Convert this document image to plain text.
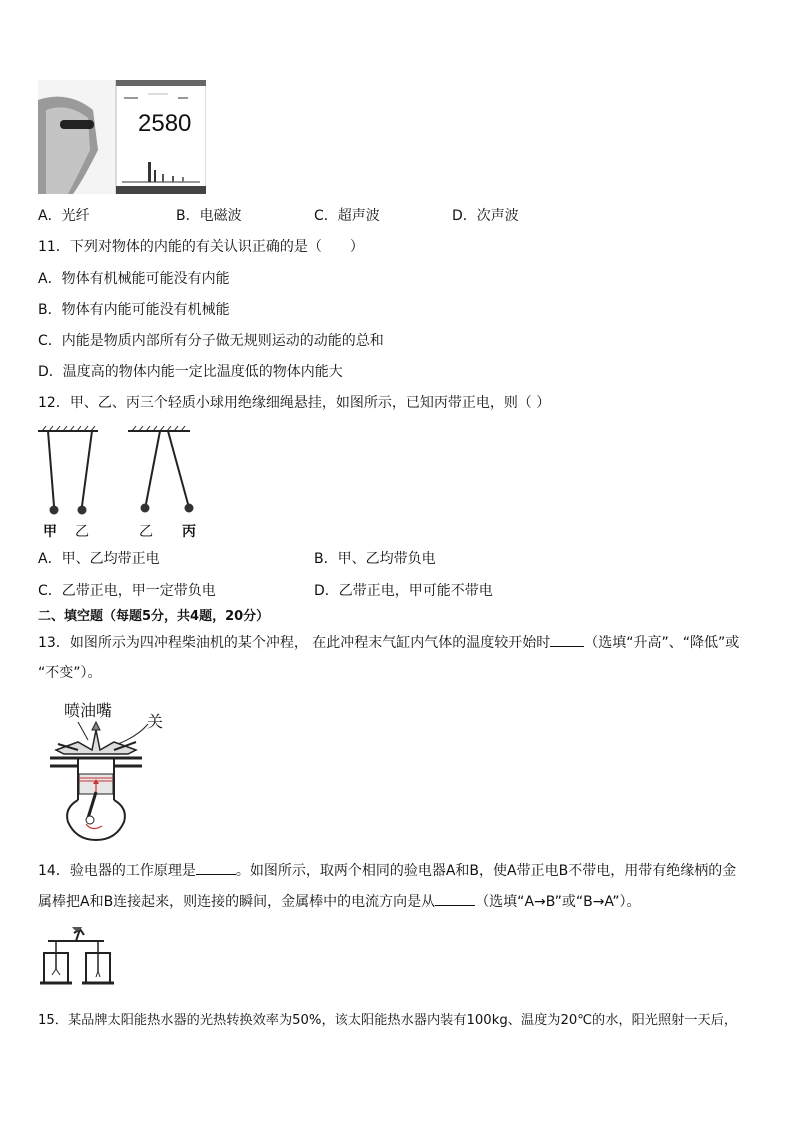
2580
A．光纤	B．电磁波	C．超声波	D．次声波
11．下列对物体的内能的有关认识正确的是（　　）
A．物体有机械能可能没有内能
B．物体有内能可能没有机械能
C．内能是物质内部所有分子做无规则运动的动能的总和
D．温度高的物体内能一定比温度低的物体内能大
12．甲、乙、丙三个轻质小球用绝缘细绳悬挂，如图所示，已知丙带正电，则（ ）
甲 乙	乙 丙
A．甲、乙均带正电	B．甲、乙均带负电
C．乙带正电，甲一定带负电	D．乙带正电，甲可能不带电
二、填空题（每题5分，共4题，20分）
13．如图所示为四冲程柴油机的某个冲程， 在此冲程末气缸内气体的温度较开始时 （选填“升高”、“降低”或
“不变”）。
喷油嘴
关
14．验电器的工作原理是	。如图所示，取两个相同的验电器A和B，使A带正电B不带电，用带有绝缘柄的金
属棒把A和B连接起来，则连接的瞬间，金属棒中的电流方向是从	（选填“A→B”或“B→A”）。
15．某品牌太阳能热水器的光热转换效率为50%，该太阳能热水器内装有100kg、温度为20℃的水，阳光照射一天后，
